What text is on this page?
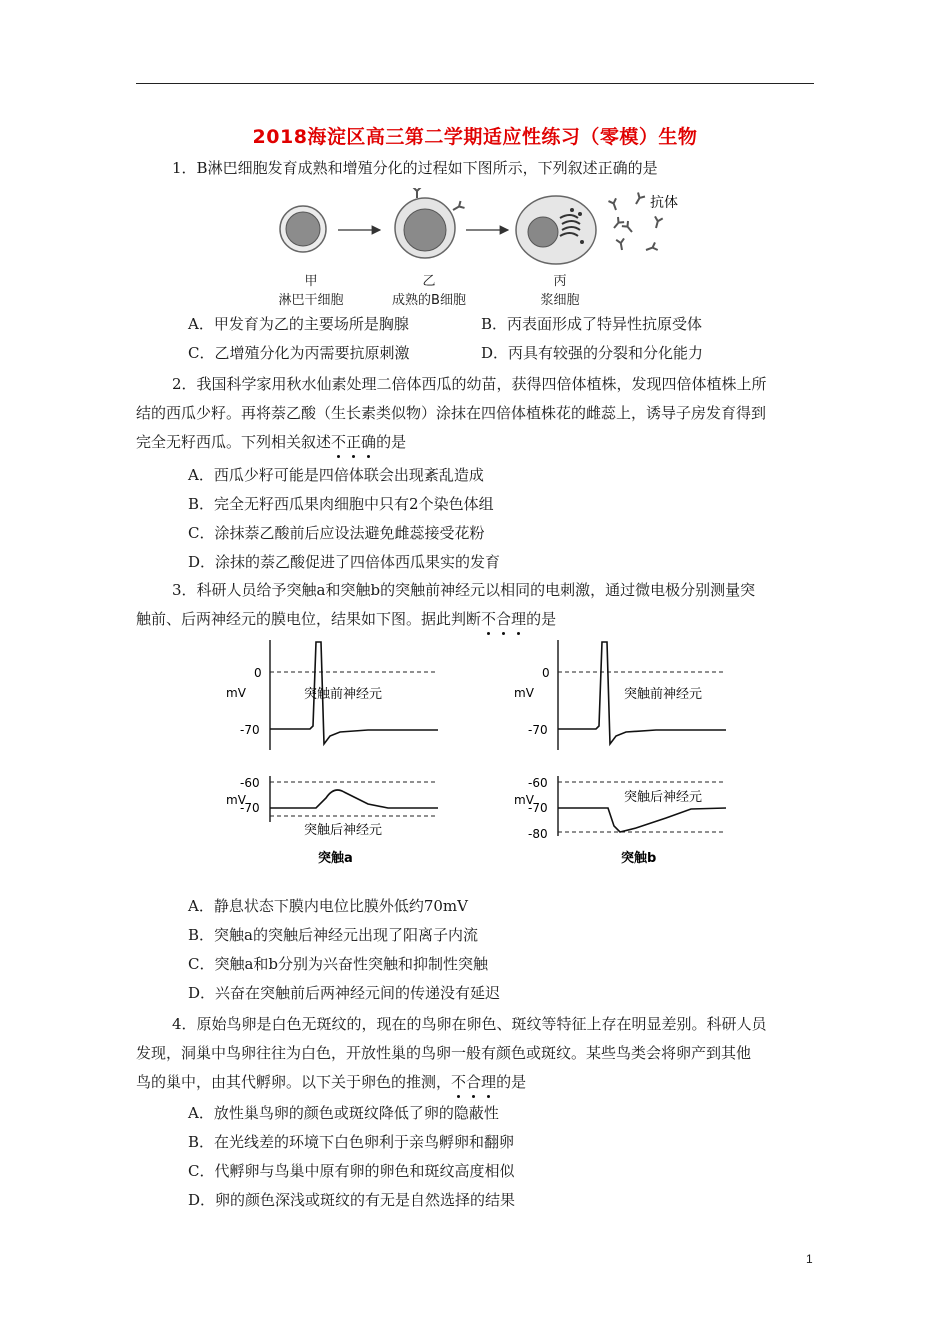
2018海淀区高三第二学期适应性练习（零模）生物
1．B淋巴细胞发育成熟和增殖分化的过程如下图所示，下列叙述正确的是
抗体
甲
淋巴干细胞
乙
成熟的B细胞
丙
浆细胞
A．甲发育为乙的主要场所是胸腺	B．丙表面形成了特异性抗原受体
C．乙增殖分化为丙需要抗原刺激	D．丙具有较强的分裂和分化能力
2．我国科学家用秋水仙素处理二倍体西瓜的幼苗，获得四倍体植株，发现四倍体植株上所
结的西瓜少籽。再将萘乙酸（生长素类似物）涂抹在四倍体植株花的雌蕊上，诱导子房发育得到
完全无籽西瓜。下列相关叙述不正确的是
A．西瓜少籽可能是四倍体联会出现紊乱造成
B．完全无籽西瓜果肉细胞中只有2个染色体组
C．涂抹萘乙酸前后应设法避免雌蕊接受花粉
D．涂抹的萘乙酸促进了四倍体西瓜果实的发育
3．科研人员给予突触a和突触b的突触前神经元以相同的电刺激，通过微电极分别测量突
触前、后两神经元的膜电位，结果如下图。据此判断不合理的是
0
mV
-70
突触前神经元
-60
mV
-70
突触后神经元
突触a
0
mV
-70
突触前神经元
-60
mV
-70
-80
突触后神经元
突触b
A．静息状态下膜内电位比膜外低约70mV
B．突触a的突触后神经元出现了阳离子内流
C．突触a和b分别为兴奋性突触和抑制性突触
D．兴奋在突触前后两神经元间的传递没有延迟
4．原始鸟卵是白色无斑纹的，现在的鸟卵在卵色、斑纹等特征上存在明显差别。科研人员
发现，洞巢中鸟卵往往为白色，开放性巢的鸟卵一般有颜色或斑纹。某些鸟类会将卵产到其他
鸟的巢中，由其代孵卵。以下关于卵色的推测，不合理的是
A．放性巢鸟卵的颜色或斑纹降低了卵的隐蔽性
B．在光线差的环境下白色卵利于亲鸟孵卵和翻卵
C．代孵卵与鸟巢中原有卵的卵色和斑纹高度相似
D．卵的颜色深浅或斑纹的有无是自然选择的结果
1
